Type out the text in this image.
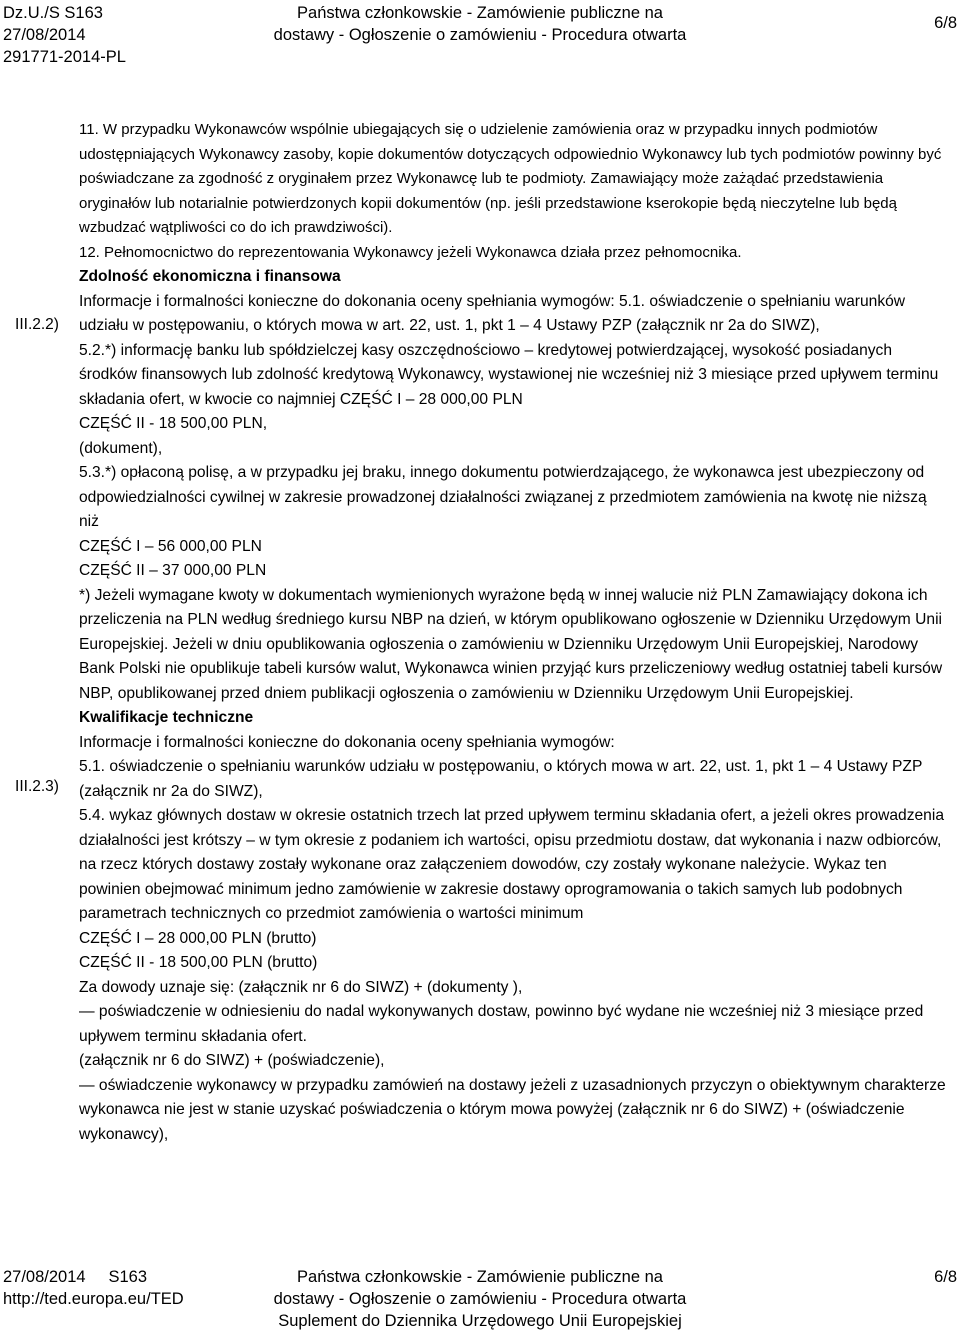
Dz.U./S S163
27/08/2014
291771-2014-PL
Państwa członkowskie - Zamówienie publiczne na
dostawy - Ogłoszenie o zamówieniu - Procedura otwarta
6/8
III.2.2)
III.2.3)

11. W przypadku Wykonawców wspólnie ubiegających się o udzielenie zamówienia oraz w przypadku innych podmiotów udostępniających Wykonawcy zasoby, kopie dokumentów dotyczących odpowiednio Wykonawcy lub tych podmiotów powinny być poświadczane za zgodność z oryginałem przez Wykonawcę lub te podmioty. Zamawiający może zażądać przedstawienia oryginałów lub notarialnie potwierdzonych kopii dokumentów (np. jeśli przedstawione kserokopie będą nieczytelne lub będą wzbudzać wątpliwości co do ich prawdziwości).

12. Pełnomocnictwo do reprezentowania Wykonawcy jeżeli Wykonawca działa przez pełnomocnika.

Zdolność ekonomiczna i finansowa

Informacje i formalności konieczne do dokonania oceny spełniania wymogów: 5.1. oświadczenie o spełnianiu warunków udziału w postępowaniu, o których mowa w art. 22, ust. 1, pkt 1 – 4 Ustawy PZP (załącznik nr 2a do SIWZ),
5.2.*) informację banku lub spółdzielczej kasy oszczędnościowo – kredytowej potwierdzającej, wysokość posiadanych środków finansowych lub zdolność kredytową Wykonawcy, wystawionej nie wcześniej niż 3 miesiące przed upływem terminu składania ofert, w kwocie co najmniej CZĘŚĆ I – 28 000,00 PLN
CZĘŚĆ II - 18 500,00 PLN,
(dokument),
5.3.*) opłaconą polisę, a w przypadku jej braku, innego dokumentu potwierdzającego, że wykonawca jest ubezpieczony od odpowiedzialności cywilnej w zakresie prowadzonej działalności związanej z przedmiotem zamówienia na kwotę nie niższą niż
CZĘŚĆ I – 56 000,00 PLN
CZĘŚĆ II – 37 000,00 PLN
*) Jeżeli wymagane kwoty w dokumentach wymienionych wyrażone będą w innej walucie niż PLN Zamawiający dokona ich przeliczenia na PLN według średniego kursu NBP na dzień, w którym opublikowano ogłoszenie w Dzienniku Urzędowym Unii Europejskiej. Jeżeli w dniu opublikowania ogłoszenia o zamówieniu w Dzienniku Urzędowym Unii Europejskiej, Narodowy Bank Polski nie opublikuje tabeli kursów walut, Wykonawca winien przyjąć kurs przeliczeniowy według ostatniej tabeli kursów NBP, opublikowanej przed dniem publikacji ogłoszenia o zamówieniu w Dzienniku Urzędowym Unii Europejskiej.

Kwalifikacje techniczne

Informacje i formalności konieczne do dokonania oceny spełniania wymogów:
5.1. oświadczenie o spełnianiu warunków udziału w postępowaniu, o których mowa w art. 22, ust. 1, pkt 1 – 4 Ustawy PZP (załącznik nr 2a do SIWZ),
5.4. wykaz głównych dostaw w okresie ostatnich trzech lat przed upływem terminu składania ofert, a jeżeli okres prowadzenia działalności jest krótszy – w tym okresie z podaniem ich wartości, opisu przedmiotu dostaw, dat wykonania i nazw odbiorców, na rzecz których dostawy zostały wykonane oraz załączeniem dowodów, czy zostały wykonane należycie. Wykaz ten powinien obejmować minimum jedno zamówienie w zakresie dostawy oprogramowania o takich samych lub podobnych parametrach technicznych co przedmiot zamówienia o wartości minimum
CZĘŚĆ I – 28 000,00 PLN (brutto)
CZĘŚĆ II - 18 500,00 PLN (brutto)
Za dowody uznaje się: (załącznik nr 6 do SIWZ) + (dokumenty ),
— poświadczenie w odniesieniu do nadal wykonywanych dostaw, powinno być wydane nie wcześniej niż 3 miesiące przed upływem terminu składania ofert.
(załącznik nr 6 do SIWZ) + (poświadczenie),
— oświadczenie wykonawcy w przypadku zamówień na dostawy jeżeli z uzasadnionych przyczyn o obiektywnym charakterze wykonawca nie jest w stanie uzyskać poświadczenia o którym mowa powyżej (załącznik nr 6 do SIWZ) + (oświadczenie wykonawcy),

27/08/2014     S163
http://ted.europa.eu/TED
Państwa członkowskie - Zamówienie publiczne na
dostawy - Ogłoszenie o zamówieniu - Procedura otwarta
Suplement do Dziennika Urzędowego Unii Europejskiej
6/8
